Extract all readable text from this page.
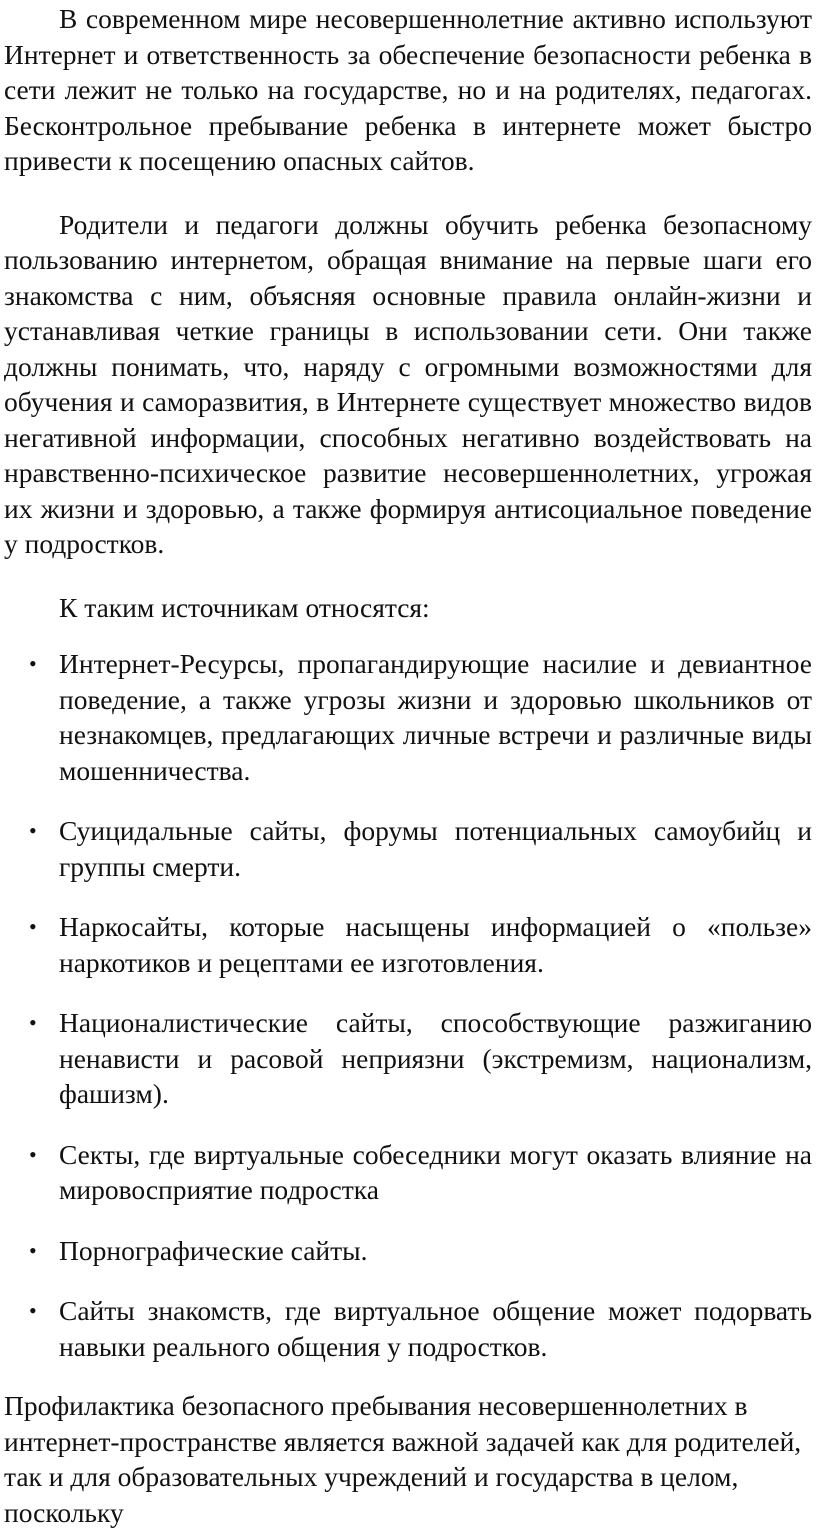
В современном мире несовершеннолетние активно используют Интернет и ответственность за обеспечение безопасности ребенка в сети лежит не только на государстве, но и на родителях, педагогах. Бесконтрольное пребывание ребенка в интернете может быстро привести к посещению опасных сайтов.

Родители и педагоги должны обучить ребенка безопасному пользованию интернетом, обращая внимание на первые шаги его знакомства с ним, объясняя основные правила онлайн-жизни и устанавливая четкие границы в использовании сети. Они также должны понимать, что, наряду с огромными возможностями для обучения и саморазвития, в Интернете существует множество видов негативной информации, способных негативно воздействовать на нравственно-психическое развитие несовершеннолетних, угрожая их жизни и здоровью, а также формируя антисоциальное поведение у подростков.

К таким источникам относятся:

• Интернет-Ресурсы, пропагандирующие насилие и девиантное поведение, а также угрозы жизни и здоровью школьников от незнакомцев, предлагающих личные встречи и различные виды мошенничества.
• Суицидальные сайты, форумы потенциальных самоубийц и группы смерти.
• Наркосайты, которые насыщены информацией о «пользе» наркотиков и рецептами ее изготовления.
• Националистические сайты, способствующие разжиганию ненависти и расовой неприязни (экстремизм, национализм, фашизм).
• Секты, где виртуальные собеседники могут оказать влияние на мировосприятие подростка
• Порнографические сайты.
• Сайты знакомств, где виртуальное общение может подорвать навыки реального общения у подростков.

Профилактика безопасного пребывания несовершеннолетних в интернет-пространстве является важной задачей как для родителей, так и для образовательных учреждений и государства в целом, поскольку
